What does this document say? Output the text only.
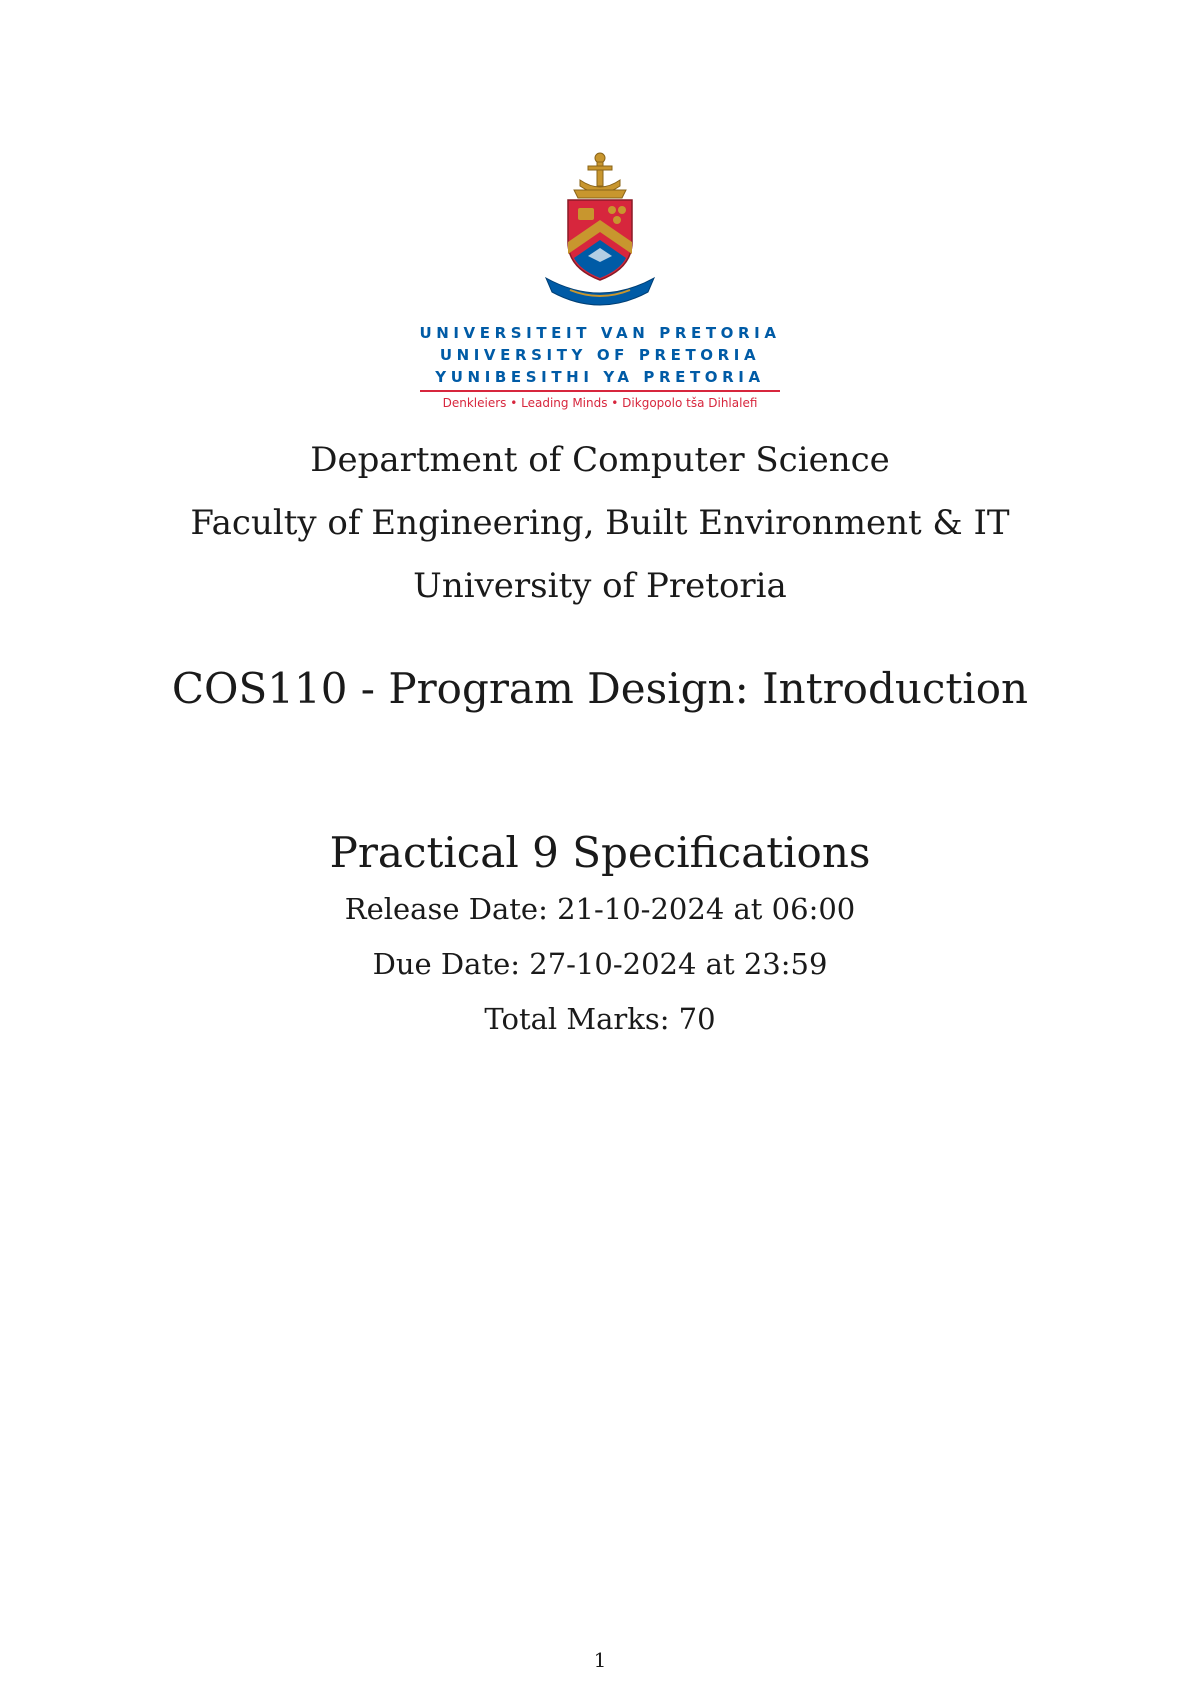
UNIVERSITEIT VAN PRETORIA
UNIVERSITY OF PRETORIA
YUNIBESITHI YA PRETORIA
Denkleiers • Leading Minds • Dikgopolo tša Dihlalefi
Department of Computer Science
Faculty of Engineering, Built Environment & IT
University of Pretoria
COS110 - Program Design: Introduction
Practical 9 Specifications
Release Date: 21-10-2024 at 06:00
Due Date: 27-10-2024 at 23:59
Total Marks: 70
1
